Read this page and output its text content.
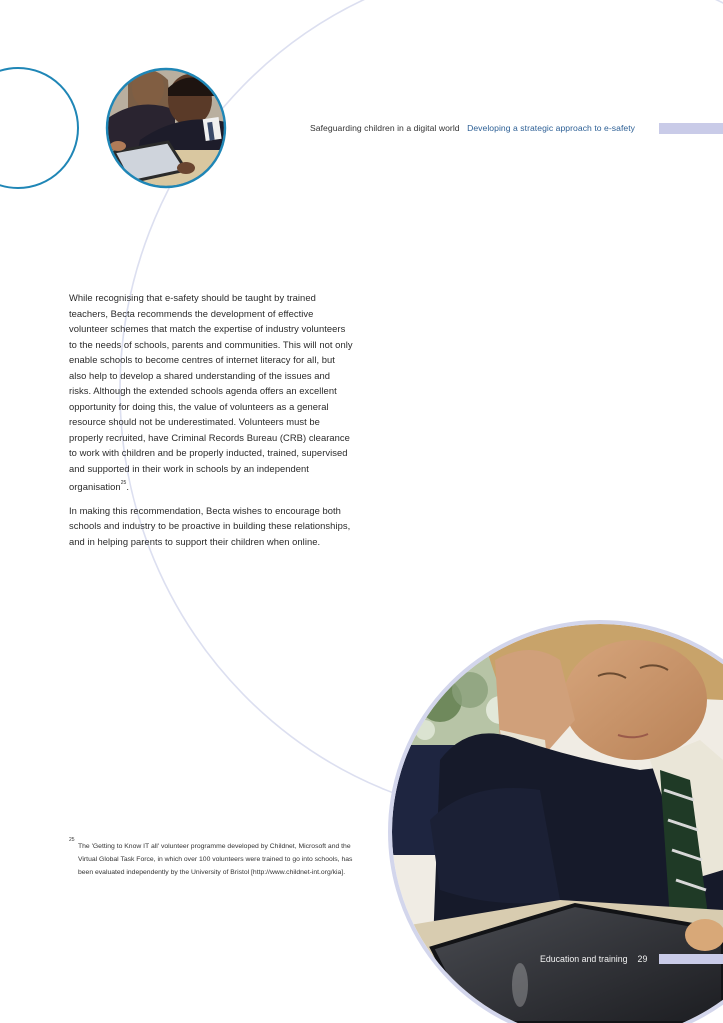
Safeguarding children in a digital world Developing a strategic approach to e-safety

While recognising that e-safety should be taught by trained teachers, Becta recommends the development of effective volunteer schemes that match the expertise of industry volunteers to the needs of schools, parents and communities. This will not only enable schools to become centres of internet literacy for all, but also help to develop a shared understanding of the issues and risks. Although the extended schools agenda offers an excellent opportunity for doing this, the value of volunteers as a general resource should not be underestimated. Volunteers must be properly recruited, have Criminal Records Bureau (CRB) clearance to work with children and be properly inducted, trained, supervised and supported in their work in schools by an independent organisation$^{25}$.

In making this recommendation, Becta wishes to encourage both schools and industry to be proactive in building these relationships, and in helping parents to support their children when online.

25
The 'Getting to Know IT all' volunteer programme developed by Childnet, Microsoft and the Virtual Global Task Force, in which over 100 volunteers were trained to go into schools, has been evaluated independently by the University of Bristol [http://www.childnet-int.org/kia].
Education and training 29
